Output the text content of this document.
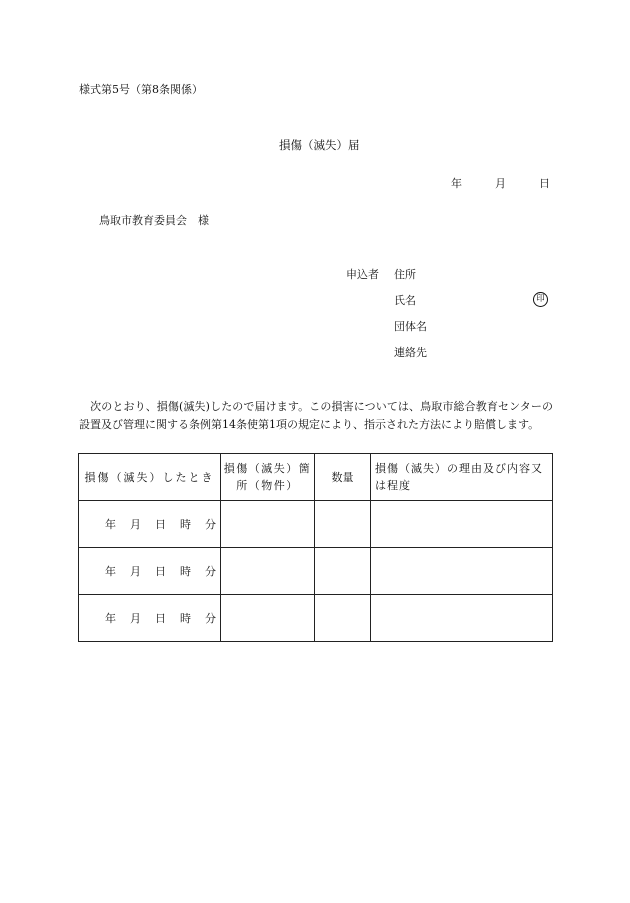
様式第5号（第8条関係）
損傷（滅失）届
年	月	日
鳥取市教育委員会　様
申込者 住所
氏名	印
団体名
連絡先
　次のとおり、損傷(滅失)したので届けます。この損害については、鳥取市総合教育センターの設置及び管理に関する条例第14条使第1項の規定により、指示された方法により賠償します。
損傷（滅失）したとき	損傷（滅失）箇所（物件）	数量	損傷（滅失）の理由及び内容又は程度
年 月 日 時 分			
年 月 日 時 分			
年 月 日 時 分			
